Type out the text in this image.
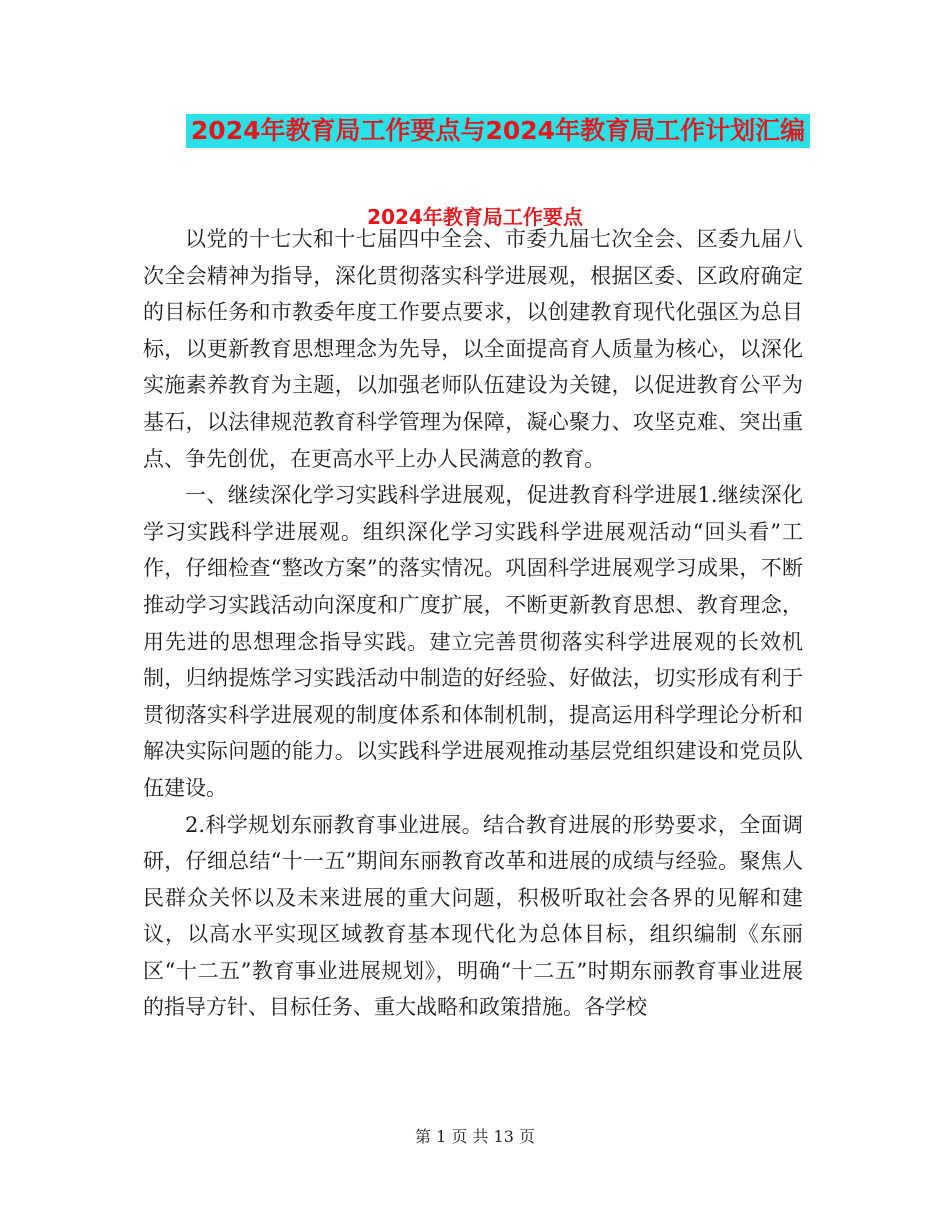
2024年教育局工作要点与2024年教育局工作计划汇编
2024年教育局工作要点

以党的十七大和十七届四中全会、市委九届七次全会、区委九届八次全会精神为指导，深化贯彻落实科学进展观，根据区委、区政府确定的目标任务和市教委年度工作要点要求，以创建教育现代化强区为总目标，以更新教育思想理念为先导，以全面提高育人质量为核心，以深化实施素养教育为主题，以加强老师队伍建设为关键，以促进教育公平为基石，以法律规范教育科学管理为保障，凝心聚力、攻坚克难、突出重点、争先创优，在更高水平上办人民满意的教育。

一、继续深化学习实践科学进展观，促进教育科学进展1.继续深化学习实践科学进展观。组织深化学习实践科学进展观活动“回头看”工作，仔细检查“整改方案”的落实情况。巩固科学进展观学习成果，不断推动学习实践活动向深度和广度扩展，不断更新教育思想、教育理念，用先进的思想理念指导实践。建立完善贯彻落实科学进展观的长效机制，归纳提炼学习实践活动中制造的好经验、好做法，切实形成有利于贯彻落实科学进展观的制度体系和体制机制，提高运用科学理论分析和解决实际问题的能力。以实践科学进展观推动基层党组织建设和党员队伍建设。

2.科学规划东丽教育事业进展。结合教育进展的形势要求，全面调研，仔细总结“十一五”期间东丽教育改革和进展的成绩与经验。聚焦人民群众关怀以及未来进展的重大问题，积极听取社会各界的见解和建议，以高水平实现区域教育基本现代化为总体目标，组织编制《东丽区“十二五”教育事业进展规划》，明确“十二五”时期东丽教育事业进展的指导方针、目标任务、重大战略和政策措施。各学校

第 1 页 共 13 页
